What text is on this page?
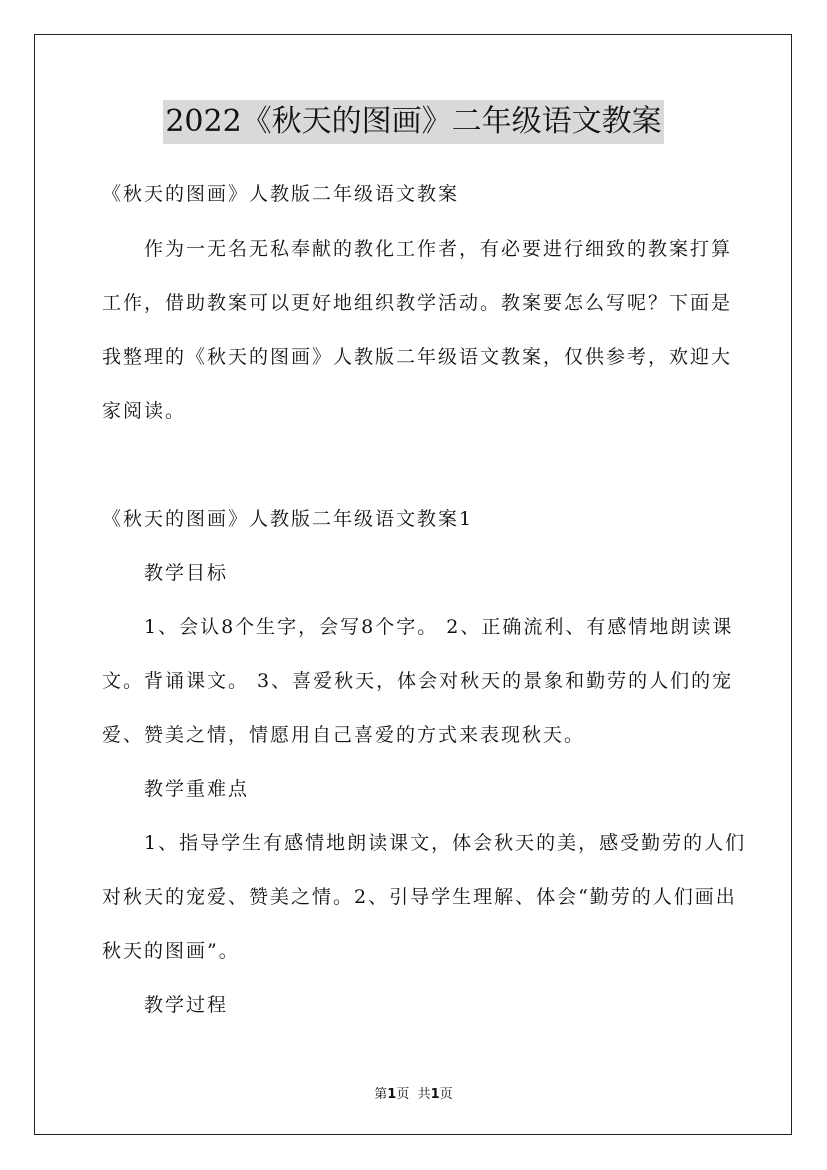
2022《秋天的图画》二年级语文教案
《秋天的图画》人教版二年级语文教案
作为一无名无私奉献的教化工作者，有必要进行细致的教案打算
工作，借助教案可以更好地组织教学活动。教案要怎么写呢？下面是
我整理的《秋天的图画》人教版二年级语文教案，仅供参考，欢迎大
家阅读。
《秋天的图画》人教版二年级语文教案1
教学目标
1、会认8个生字，会写8个字。 2、正确流利、有感情地朗读课
文。背诵课文。 3、喜爱秋天，体会对秋天的景象和勤劳的人们的宠
爱、赞美之情，情愿用自己喜爱的方式来表现秋天。
教学重难点
1、指导学生有感情地朗读课文，体会秋天的美，感受勤劳的人们
对秋天的宠爱、赞美之情。2、引导学生理解、体会“勤劳的人们画出
秋天的图画”。
教学过程
第1页 共1页
